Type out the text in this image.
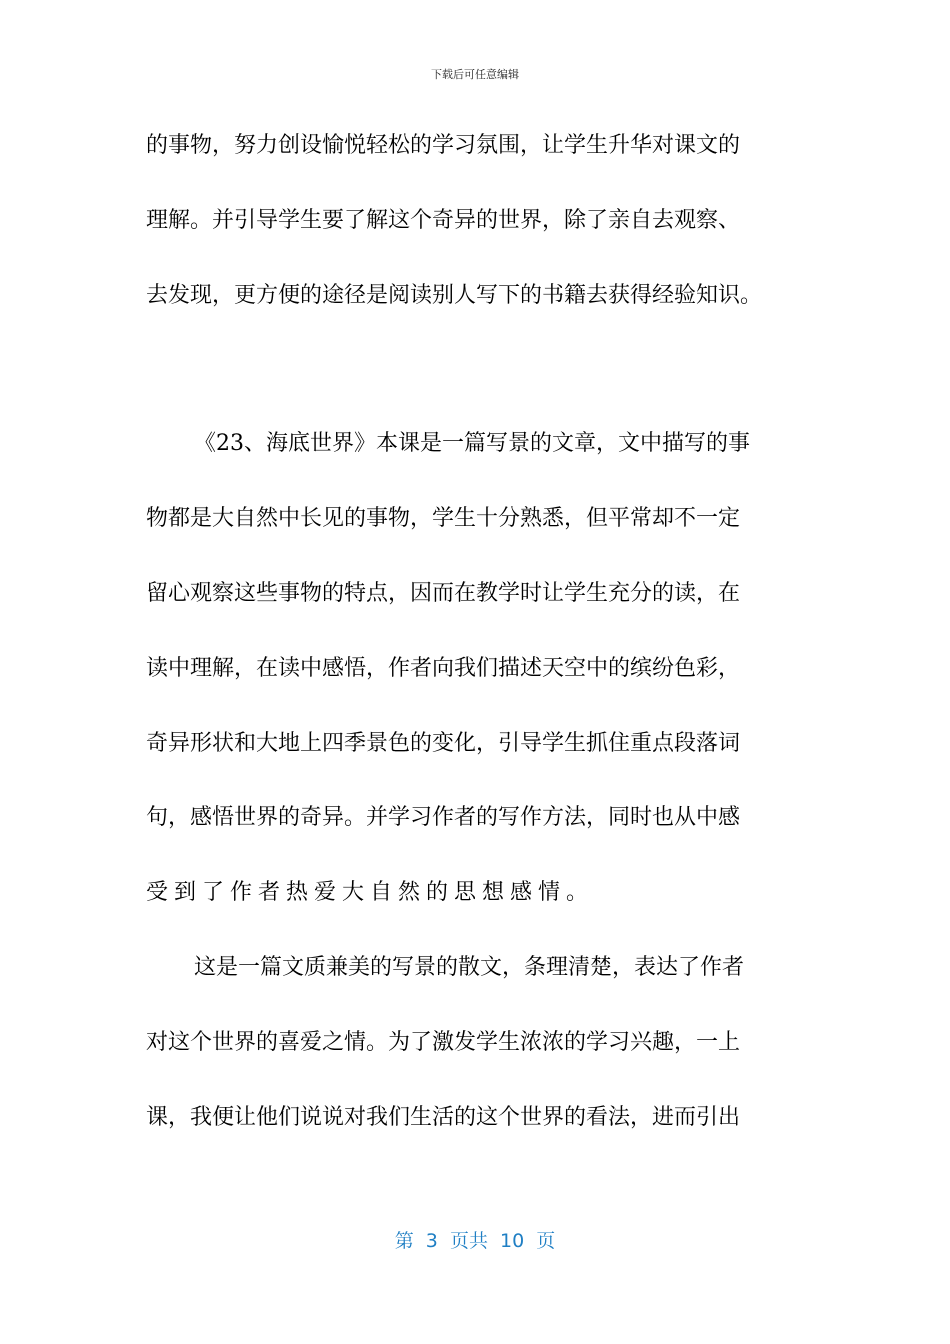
下载后可任意编辑
的事物，努力创设愉悦轻松的学习氛围，让学生升华对课文的
理解。并引导学生要了解这个奇异的世界，除了亲自去观察、
去发现，更方便的途径是阅读别人写下的书籍去获得经验知识。
《23、海底世界》本课是一篇写景的文章，文中描写的事
物都是大自然中长见的事物，学生十分熟悉，但平常却不一定
留心观察这些事物的特点，因而在教学时让学生充分的读，在
读中理解，在读中感悟，作者向我们描述天空中的缤纷色彩，
奇异形状和大地上四季景色的变化，引导学生抓住重点段落词
句，感悟世界的奇异。并学习作者的写作方法，同时也从中感
受到了作者热爱大自然的思想感情。
这是一篇文质兼美的写景的散文，条理清楚，表达了作者
对这个世界的喜爱之情。为了激发学生浓浓的学习兴趣，一上
课，我便让他们说说对我们生活的这个世界的看法，进而引出
第  3  页共  10  页
